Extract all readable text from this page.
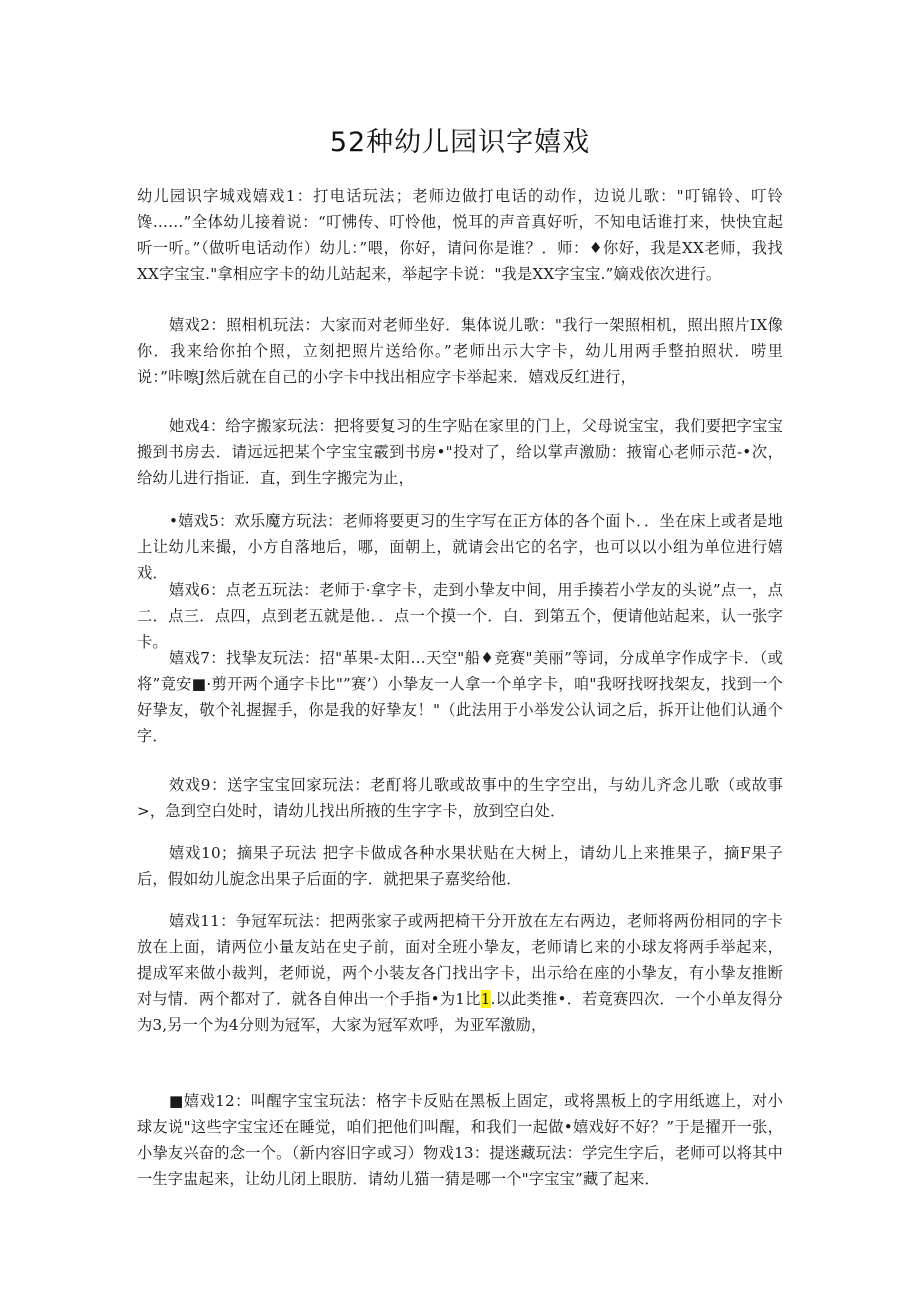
52种幼儿园识字嬉戏

幼儿园识字城戏嬉戏1：打电话玩法；老师边做打电话的动作，边说儿歌："叮锦铃、叮铃馋……”全体幼儿接着说：“叮怫传、叮怜他，悦耳的声音真好听，不知电话谁打来，快快宜起听一听。”（做听电话动作）幼儿：”喂，你好，请问你是谁？．师：♦你好，我是XX老师，我找XX字宝宝."拿相应字卡的幼儿站起来，举起字卡说："我是XX字宝宝.”嫡戏依次进行。

嬉戏2：照相机玩法：大家而对老师坐好．集体说儿歌："我行一架照相机，照出照片IX像你．我来给你拍个照，立刻把照片送给你。”老师出示大字卡，幼儿用两手整拍照状．唠里说：”咔嚓J然后就在自己的小字卡中找出相应字卡举起来．嬉戏反红进行，

她戏4：给字搬家玩法：把将要复习的生字贴在家里的门上，父母说宝宝，我们要把字宝宝搬到书房去．请远远把某个字宝宝霰到书房•"投对了，给以掌声激励：掖甯心老师示范-•次，给幼儿进行指证．直，到生字搬完为止，

•嬉戏5：欢乐魔方玩法：老师将要更习的生字写在正方体的各个面卜．．坐在床上或者是地上让幼儿来撮，小方自落地后，哪，面朝上，就请会出它的名字，也可以以小组为单位进行嬉戏．

嬉戏6：点老五玩法：老师于·拿字卡，走到小挚友中间，用手揍若小学友的头说”点一，点二．点三．点四，点到老五就是他．．点一个摸一个．白．到第五个，便请他站起来，认一张字卡。

嬉戏7：找挚友玩法：招"革果-太阳…天空"船♦竞赛"美丽”等词，分成单字作成字卡．（或将”竟安■·剪开两个通字卡比"”赛’）小挚友一人拿一个单字卡，咱"我呀找呀找架友，找到一个好挚友，敬个礼握握手，你是我的好挚友！"（此法用于小举发公认词之后，拆开让他们认通个字．

效戏9：送字宝宝回家玩法：老酊将儿歌或故事中的生字空出，与幼儿齐念儿歌（或故事>，急到空白处时，请幼儿找出所掖的生字字卡，放到空白处．

嬉戏10；摘果子玩法 把字卡做成各种水果状贴在大树上，请幼儿上来推果子，摘F果子后，假如幼儿旎念出果子后面的字．就把果子嘉奖给他．

嬉戏11：争冠军玩法：把两张家子或两把椅干分开放在左右两边，老师将两份相同的字卡放在上面，请两位小量友站在史子前，面对全班小挚友，老师请匕来的小球友将两手举起来，提成军来做小裁判，老师说，两个小装友各门找出字卡，出示给在座的小挚友，有小挚友推断对与情．两个都对了．就各自伸出一个手指•为1比1.以此类推•．若竟赛四次．一个小单友得分为3,另一个为4分则为冠军，大家为冠军欢呼，为亚军激励，

■嬉戏12：叫醒字宝宝玩法：格字卡反贴在黑板上固定，或将黑板上的字用纸遮上，对小球友说"这些字宝宝还在睡觉，咱们把他们叫醒，和我们一起做•嬉戏好不好？”于是擢开一张，小挚友兴奋的念一个。（新内容旧字或习）物戏13：提迷藏玩法：学完生字后，老师可以将其中一生字盅起来，让幼儿闭上眼肪．请幼儿猫一猜是哪一个"字宝宝”藏了起来．
